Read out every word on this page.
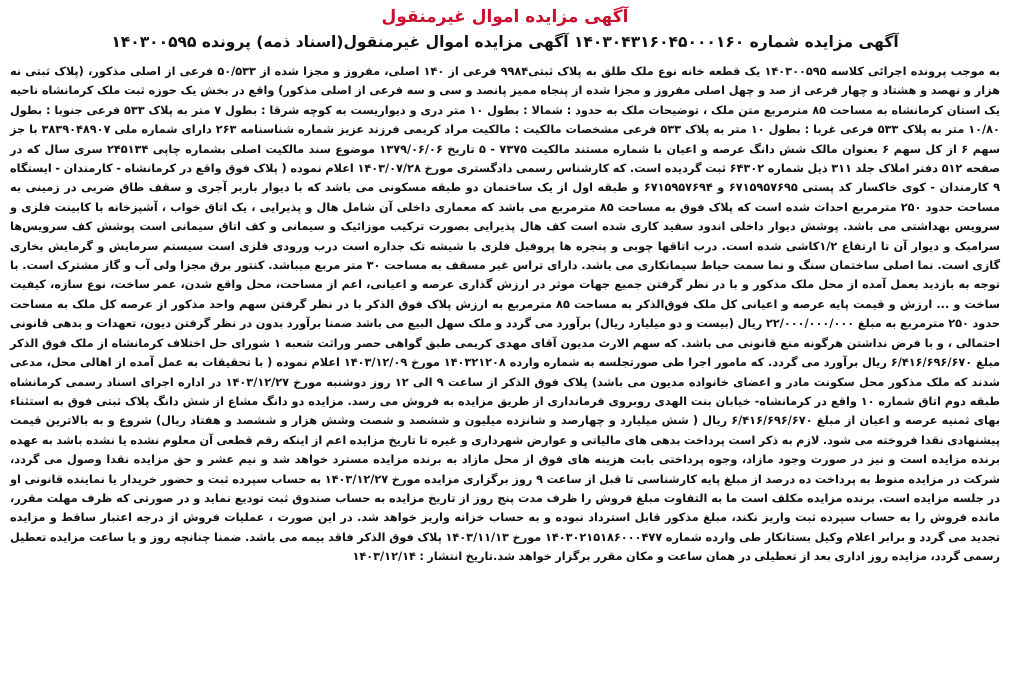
آگهی مزایده اموال غیرمنقول
آگهی مزایده شماره ۱۴۰۳۰۴۳۱۶۰۴۵۰۰۰۱۶۰ آگهی مزایده اموال غیرمنقول(اسناد ذمه) پرونده ۱۴۰۳۰۰۵۹۵

به موجب پرونده اجرائی کلاسه ۱۴۰۳۰۰۵۹۵ یک قطعه خانه نوع ملک طلق به پلاک ثبتی۹۹۸۴ فرعی از ۱۴۰ اصلی، مفروز و مجزا شده از ۵۰/۵۳۳ فرعی از اصلی مذکور، (پلاک ثبتی نه هزار و نهصد و هشتاد و چهار فرعی از صد و چهل اصلی مفروز و مجزا شده از پنجاه ممیز پانصد و سی و سه فرعی از اصلی مذکور) واقع در بخش یک حوزه ثبت ملک کرمانشاه ناحیه یک استان کرمانشاه به مساحت ۸۵ مترمربع متن ملک ، توضیحات ملک به حدود : شمالا : بطول ۱۰ متر دری و دیواریست به کوچه شرقا : بطول ۷ متر به پلاک ۵۳۳ فرعی جنوبا : بطول ۱۰/۸۰ متر به پلاک ۵۳۳ فرعی غربا : بطول ۱۰ متر به پلاک ۵۳۳ فرعی مشخصات مالکیت : مالکیت مراد کریمی فرزند عزیز شماره شناسنامه ۲۶۳ دارای شماره ملی ۳۸۳۹۰۴۸۹۰۷ با جز سهم ۶ از کل سهم ۶ بعنوان مالک شش دانگ عرصه و اعیان با شماره مستند مالکیت ۷۳۷۵ - ۵ تاریخ ۱۳۷۹/۰۶/۰۶ موضوع سند مالکیت اصلی بشماره چاپی ۲۴۵۱۳۴ سری سال که در صفحه ۵۱۲ دفتر املاک جلد ۳۱۱ ذیل شماره ۶۴۳۰۲ ثبت گردیده است. که کارشناس رسمی دادگستری مورخ ۱۴۰۳/۰۷/۲۸ اعلام نموده ( پلاک فوق واقع در کرمانشاه - کارمندان - ایستگاه ۹ کارمندان - کوی خاکسار کد پستی ۶۷۱۵۹۵۷۶۹۵ و ۶۷۱۵۹۵۷۶۹۴ و طبقه اول از یک ساختمان دو طبقه مسکونی می باشد که با دیوار باربر آجری و سقف طاق ضربی در زمینی به مساحت حدود ۲۵۰ مترمربع احداث شده است که پلاک فوق به مساحت ۸۵ مترمربع می باشد که معماری داخلی آن شامل هال و پذیرایی ، یک اتاق خواب ، آشپزخانه با کابینت فلزی و سرویس بهداشتی می باشد. پوشش دیوار داخلی اندود سفید کاری شده است کف هال پذیرایی بصورت ترکیب موزائیک و سیمانی و کف اتاق سیمانی است پوشش کف سرویس‌ها سرامیک و دیوار آن تا ارتفاع ۱/۲کاشی شده است. درب اتاقها چوبی و پنجره ها پروفیل فلزی با شیشه تک جداره است درب ورودی فلزی است سیستم سرمایش و گرمایش بخاری گازی است. نما اصلی ساختمان سنگ و نما سمت حیاط سیمانکاری می باشد. دارای تراس غیر مسقف به مساحت ۳۰ متر مربع میباشد. کنتور برق مجزا ولی آب و گاز مشترک است. با توجه به بازدید بعمل آمده از محل ملک مذکور و با در نظر گرفتن جمیع جهات موثر در ارزش گذاری عرصه و اعیانی، اعم از مساحت، محل واقع شدن، عمر ساخت، نوع سازه، کیفیت ساخت و ... ارزش و قیمت پایه عرصه و اعیانی کل ملک فوق‌الذکر به مساحت ۸۵ مترمربع به ارزش پلاک فوق الذکر با در نظر گرفتن سهم واحد مذکور از عرصه کل ملک به مساحت حدود ۲۵۰ مترمربع به مبلغ ۲۲/۰۰۰/۰۰۰/۰۰۰ ریال (بیست و دو میلیارد ریال) برآورد می گردد و ملک سهل البیع می باشد ضمنا برآورد بدون در نظر گرفتن دیون، تعهدات و بدهی قانونی احتمالی ، و با فرض نداشتن هرگونه منع قانونی می باشد. که سهم الارث مدیون آقای مهدی کریمی طبق گواهی حصر وراثت شعبه ۱ شورای حل اختلاف کرمانشاه از ملک فوق الذکر مبلغ ۶/۴۱۶/۶۹۶/۶۷۰ ریال برآورد می گردد. که مامور اجرا طی صورتجلسه به شماره وارده ۱۴۰۳۲۱۲۰۸ مورخ ۱۴۰۳/۱۲/۰۹ اعلام نموده ( با تحقیقات به عمل آمده از اهالی محل، مدعی شدند که ملک مذکور محل سکونت مادر و اعضای خانواده مدیون می باشد) پلاک فوق الذکر از ساعت ۹ الی ۱۲ روز دوشنبه مورخ ۱۴۰۳/۱۲/۲۷ در اداره اجرای اسناد رسمی کرمانشاه طبقه دوم اتاق شماره ۱۰ واقع در کرمانشاه- خیابان بنت الهدی روبروی فرمانداری از طریق مزایده به فروش می رسد. مزایده دو دانگ مشاع از شش دانگ پلاک ثبتی فوق به استثناء بهای ثمنیه عرصه و اعیان از مبلغ ۶/۴۱۶/۶۹۶/۶۷۰ ریال ( شش میلیارد و چهارصد و شانزده میلیون و ششصد و شصت وشش هزار و ششصد و هفتاد ریال) شروع و به بالاترین قیمت پیشنهادی نقدا فروخته می شود. لازم به ذکر است پرداخت بدهی های مالیاتی و عوارض شهرداری و غیره تا تاریخ مزایده اعم از اینکه رقم قطعی آن معلوم نشده یا نشده باشد به عهده برنده مزایده است و نیز در صورت وجود مازاد، وجوه پرداختی بابت هزینه های فوق از محل مازاد به برنده مزایده مسترد خواهد شد و نیم عشر و حق مزایده نقدا وصول می گردد، شرکت در مزایده منوط به پرداخت ده درصد از مبلغ پایه کارشناسی تا قبل از ساعت ۹ روز برگزاری مزایده مورخ ۱۴۰۳/۱۲/۲۷ به حساب سپرده ثبت و حضور خریدار یا نماینده قانونی او در جلسه مزایده است. برنده مزایده مکلف است ما به التفاوت مبلغ فروش را ظرف مدت پنج روز از تاریخ مزایده به حساب صندوق ثبت تودیع نماید و در صورتی که ظرف مهلت مقرر، مانده فروش را به حساب سپرده ثبت واریز نکند، مبلغ مذکور قابل استرداد نبوده و به حساب خزانه واریز خواهد شد. در این صورت ، عملیات فروش از درجه اعتبار ساقط و مزایده تجدید می گردد و برابر اعلام وکیل بستانکار طی وارده شماره ۱۴۰۳۰۲۱۵۱۸۶۰۰۰۴۷۷ مورخ ۱۴۰۳/۱۱/۱۳ پلاک فوق الذکر فاقد بیمه می باشد. ضمنا چنانچه روز و یا ساعت مزایده تعطیل رسمی گردد، مزایده روز اداری بعد از تعطیلی در همان ساعت و مکان مقرر برگزار خواهد شد.تاریخ انتشار : ۱۴۰۳/۱۲/۱۴
